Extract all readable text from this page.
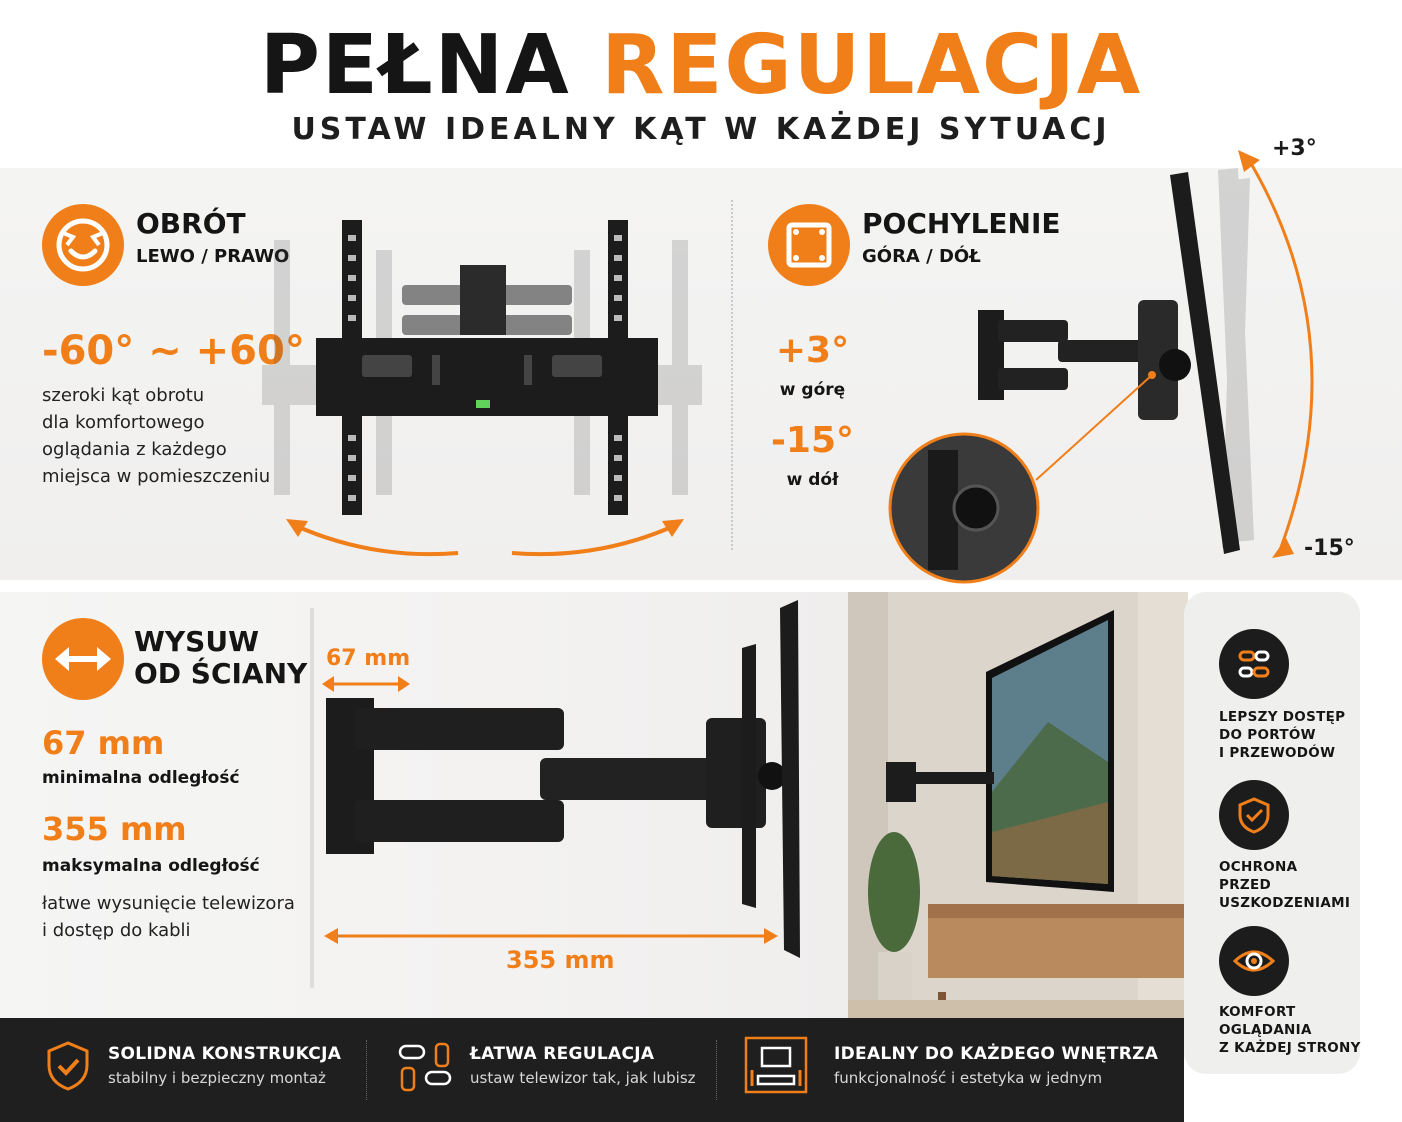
PEŁNA REGULACJA
USTAW IDEALNY KĄT W KAŻDEJ SYTUACJ
OBRÓT
LEWO / PRAWO
-60° ~ +60°
szeroki kąt obrotu
dla komfortowego
oglądania z każdego
miejsca w pomieszczeniu
POCHYLENIE
GÓRA / DÓŁ
+3°
w górę
-15°
w dół
+3°
-15°
WYSUW
OD ŚCIANY
67 mm
minimalna odległość
355 mm
maksymalna odległość
łatwe wysunięcie telewizora
i dostęp do kabli
67 mm
355 mm
LEPSZY DOSTĘP
DO PORTÓW
I PRZEWODÓW
OCHRONA
PRZED
USZKODZENIAMI
KOMFORT
OGLĄDANIA
Z KAŻDEJ STRONY
SOLIDNA KONSTRUKCJA
stabilny i bezpieczny montaż
ŁATWA REGULACJA
ustaw telewizor tak, jak lubisz
IDEALNY DO KAŻDEGO WNĘTRZA
funkcjonalność i estetyka w jednym
